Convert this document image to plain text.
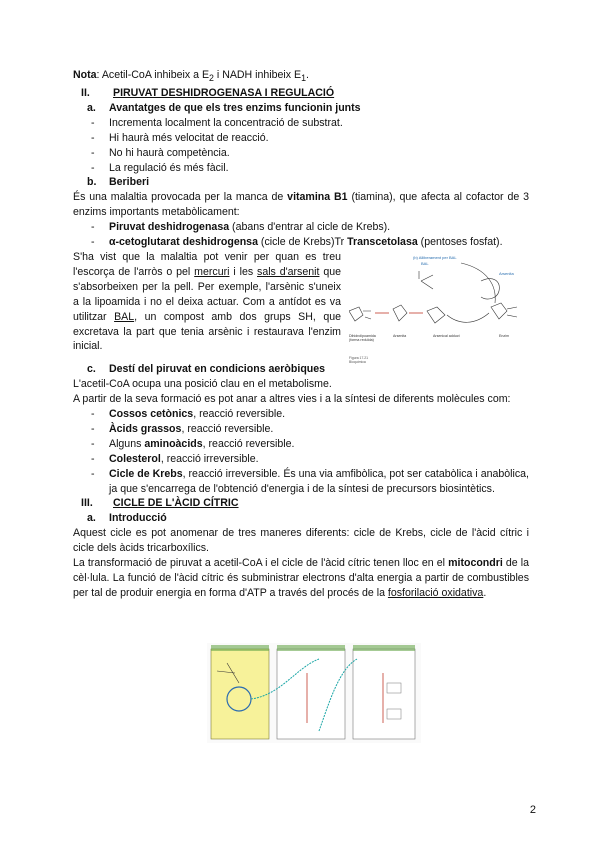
Nota: Acetil-CoA inhibeix a $E_2$ i NADH inhibeix $E_1$.

II.	PIRUVAT DESHIDROGENASA I REGULACIÓ

a. Avantatges de que els tres enzims funcionin junts

-	Incrementa localment la concentració de substrat.
-	Hi haurà més velocitat de reacció.
-	No hi haurà competència.
-	La regulació és més fàcil.

b. Beriberi

És una malaltia provocada per la manca de vitamina B1 (tiamina), que afecta al cofactor de 3 enzims importants metabòlicament:

-	Piruvat deshidrogenasa (abans d'entrar al cicle de Krebs).
-	α-cetoglutarat deshidrogensa (cicle de Krebs)Tr Transcetolasa (pentoses fosfat).
(b) Alliberament per BAL
BAL
Arsenita
Dihidrolipoamida
(forma reduïda)
Arsenita	Arsenical adduct	Enzim
Figura 17.21
Bioquímica

S'ha vist que la malaltia pot venir per quan es treu l'escorça de l'arròs o pel mercuri i les sals d'arsenit que s'absorbeixen per la pell. Per exemple, l'arsènic s'uneix a la lipoamida i no el deixa actuar. Com a antídot es va utilitzar BAL, un compost amb dos grups SH, que excretava la part que tenia arsènic i restaurava l'enzim inicial.

c. Destí del piruvat en condicions aeròbiques

L'acetil-CoA ocupa una posició clau en el metabolisme.

A partir de la seva formació es pot anar a altres vies i a la síntesi de diferents molècules com:

-	Cossos cetònics, reacció reversible.
-	Àcids grassos, reacció reversible.
-	Alguns aminoàcids, reacció reversible.
-	Colesterol, reacció irreversible.
-	Cicle de Krebs, reacció irreversible. És una via amfibòlica, pot ser catabòlica i anabòlica, ja que s'encarrega de l'obtenció d'energia i de la síntesi de precursors biosintètics.
III.	CICLE DE L'ÀCID CÍTRIC

a. Introducció

Aquest cicle es pot anomenar de tres maneres diferents: cicle de Krebs, cicle de l'àcid cítric i cicle dels àcids tricarboxílics.

La transformació de piruvat a acetil-CoA i el cicle de l'àcid cítric tenen lloc en el mitocondri de la cèl·lula. La funció de l'àcid cítric és subministrar electrons d'alta energia a partir de combustibles per tal de produir energia en forma d'ATP a través del procés de la fosforilació oxidativa.

2
